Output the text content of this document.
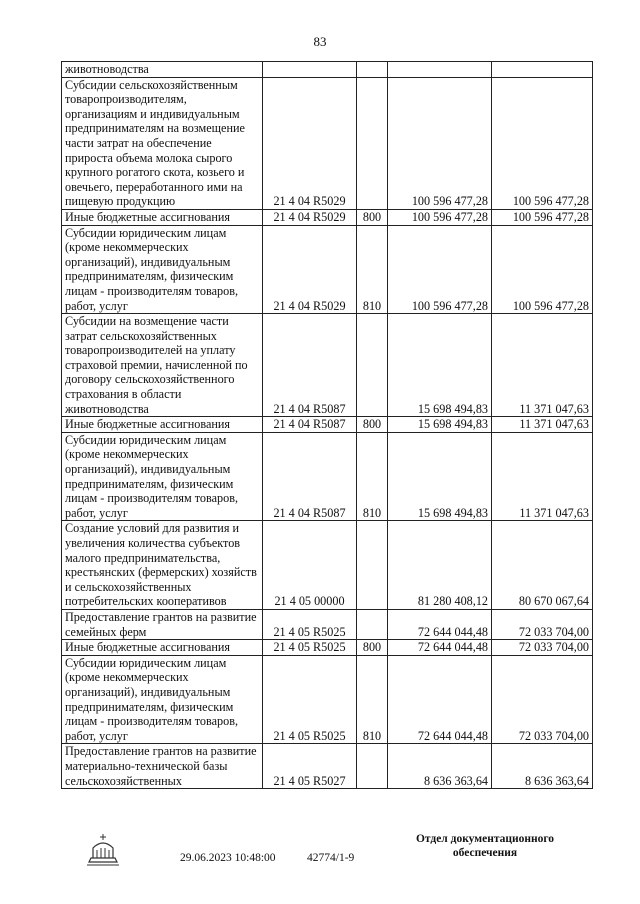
83
животноводства				
Субсидии сельскохозяйственным товаропроизводителям, организациям и индивидуальным предпринимателям на возмещение части затрат на обеспечение прироста объема молока сырого крупного рогатого скота, козьего и овечьего, переработанного ими на пищевую продукцию	21 4 04 R5029		100 596 477,28	100 596 477,28
Иные бюджетные ассигнования	21 4 04 R5029	800	100 596 477,28	100 596 477,28
Субсидии юридическим лицам (кроме некоммерческих организаций), индивидуальным предпринимателям, физическим лицам - производителям товаров, работ, услуг	21 4 04 R5029	810	100 596 477,28	100 596 477,28
Субсидии на возмещение части затрат сельскохозяйственных товаропроизводителей на уплату страховой премии, начисленной по договору сельскохозяйственного страхования в области животноводства	21 4 04 R5087		15 698 494,83	11 371 047,63
Иные бюджетные ассигнования	21 4 04 R5087	800	15 698 494,83	11 371 047,63
Субсидии юридическим лицам (кроме некоммерческих организаций), индивидуальным предпринимателям, физическим лицам - производителям товаров, работ, услуг	21 4 04 R5087	810	15 698 494,83	11 371 047,63
Создание условий для развития и увеличения количества субъектов малого предпринимательства, крестьянских (фермерских) хозяйств и сельскохозяйственных потребительских кооперативов	21 4 05 00000		81 280 408,12	80 670 067,64
Предоставление грантов на развитие семейных ферм	21 4 05 R5025		72 644 044,48	72 033 704,00
Иные бюджетные ассигнования	21 4 05 R5025	800	72 644 044,48	72 033 704,00
Субсидии юридическим лицам (кроме некоммерческих организаций), индивидуальным предпринимателям, физическим лицам - производителям товаров, работ, услуг	21 4 05 R5025	810	72 644 044,48	72 033 704,00
Предоставление грантов на развитие материально-технической базы сельскохозяйственных	21 4 05 R5027		8 636 363,64	8 636 363,64
29.06.2023 10:48:00	42774/1-9
Отдел документационного обеспечения
